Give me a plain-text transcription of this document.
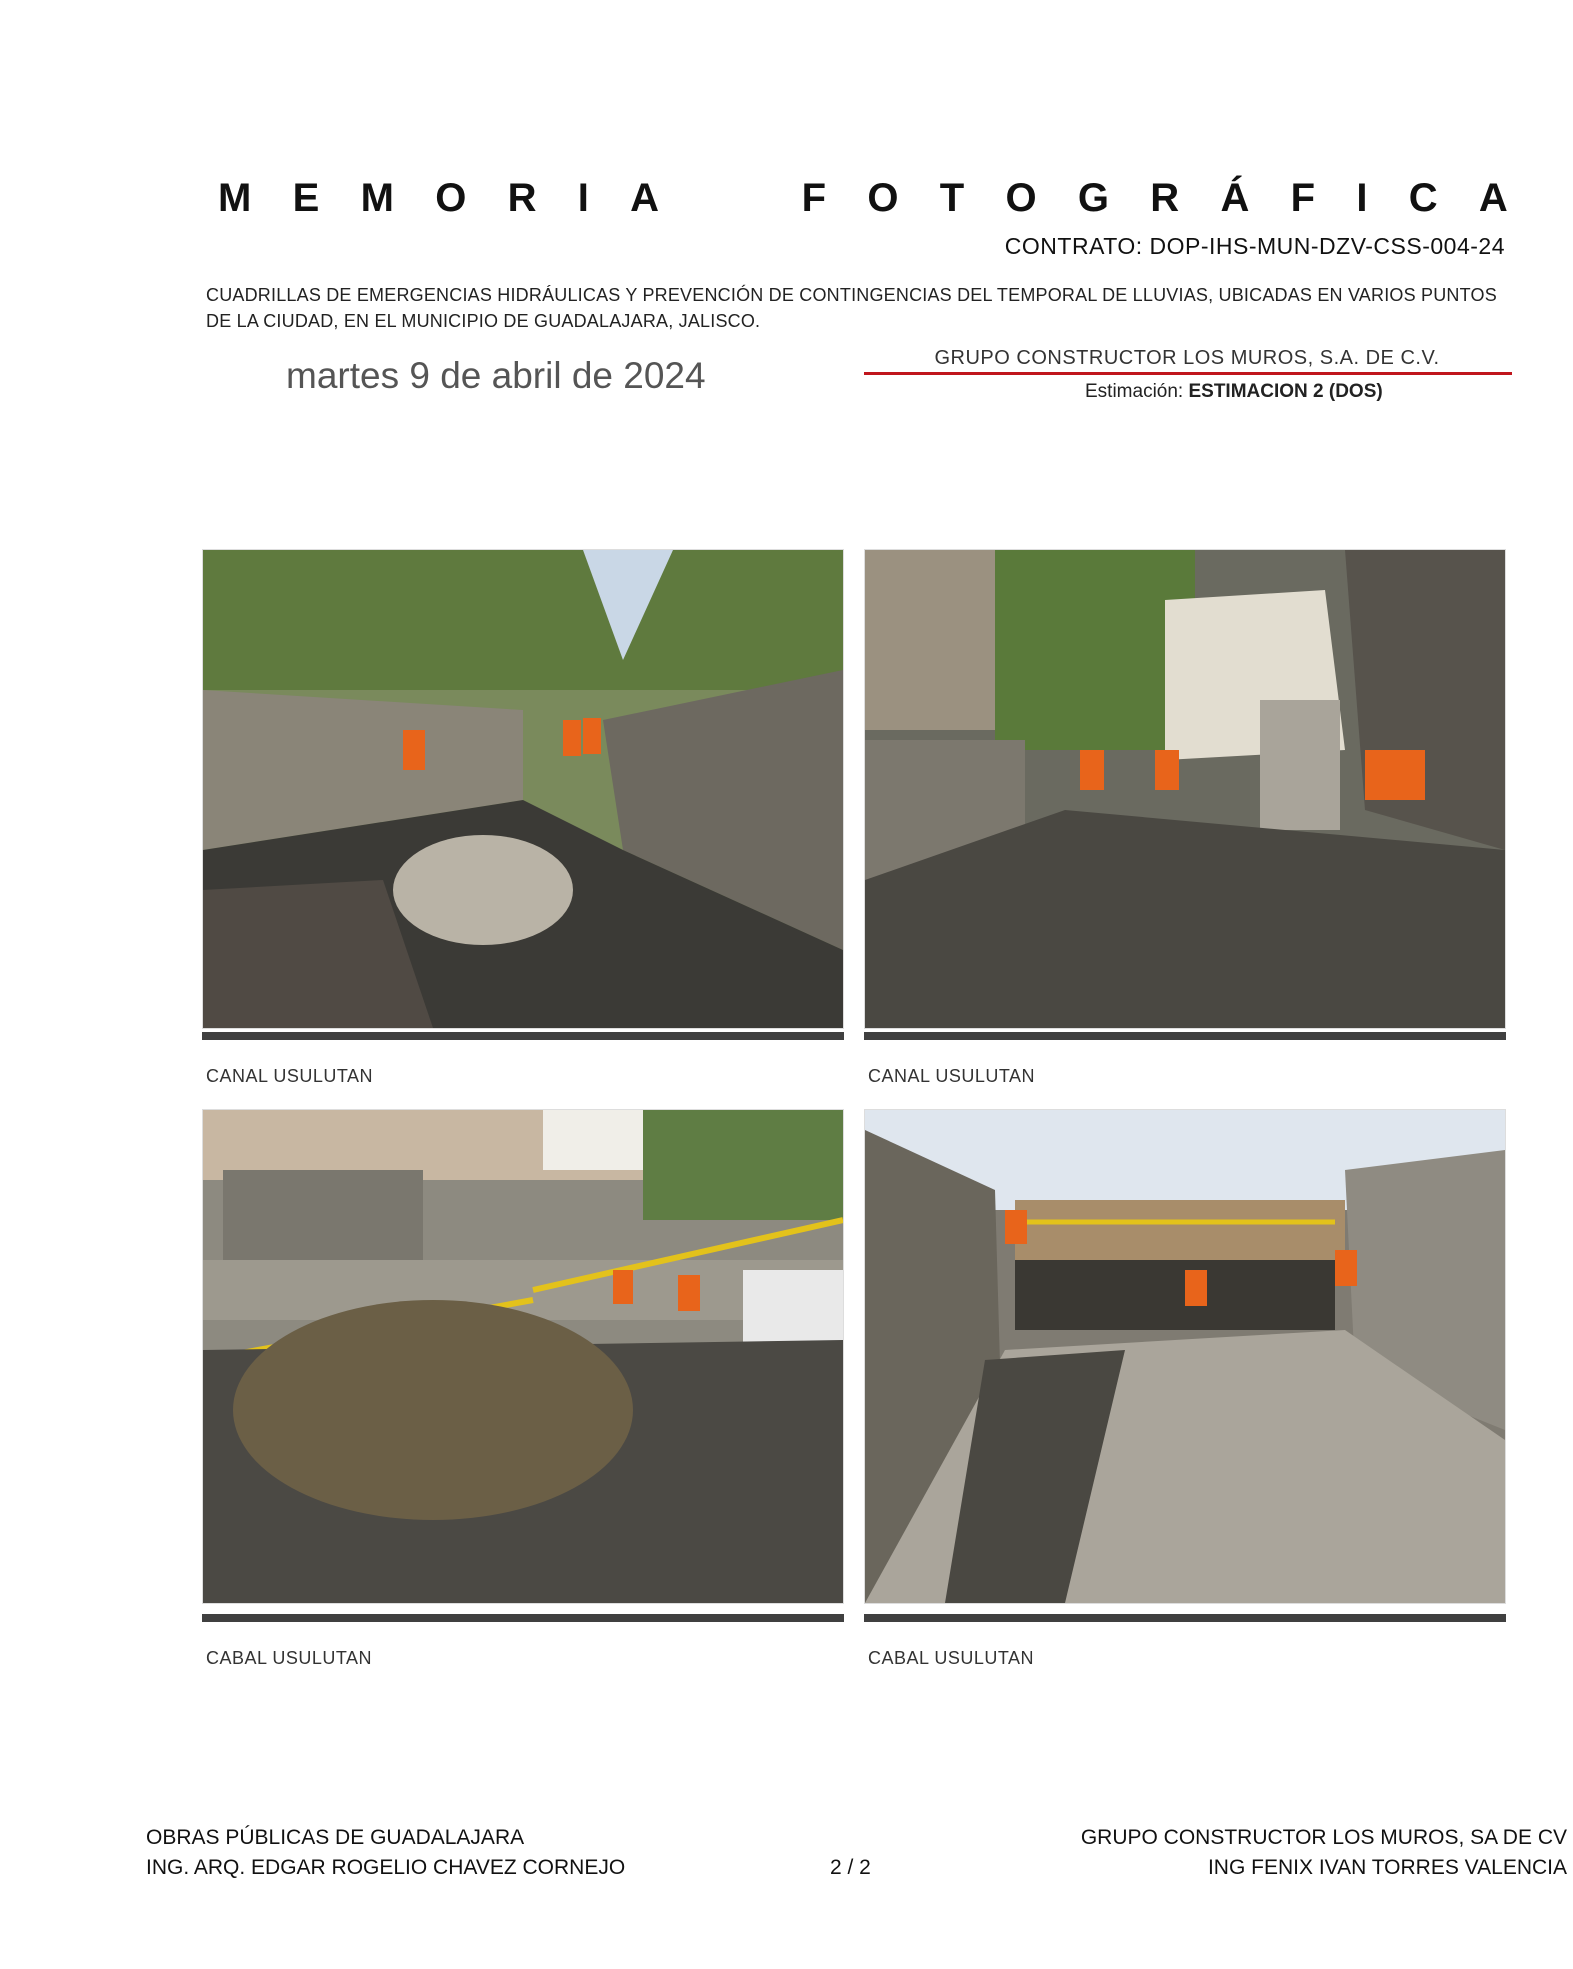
M E M O R I A	F O T O G R Á F I C A
CONTRATO: DOP-IHS-MUN-DZV-CSS-004-24
CUADRILLAS DE EMERGENCIAS HIDRÁULICAS Y PREVENCIÓN DE CONTINGENCIAS DEL TEMPORAL DE LLUVIAS, UBICADAS EN VARIOS PUNTOS DE LA CIUDAD, EN EL MUNICIPIO DE GUADALAJARA, JALISCO.
martes 9 de abril de 2024	GRUPO CONSTRUCTOR LOS MUROS, S.A. DE C.V.
Estimación: ESTIMACION 2 (DOS)
CANAL USULUTAN	CANAL USULUTAN
CABAL USULUTAN	CABAL USULUTAN
OBRAS PÚBLICAS DE GUADALAJARA
ING. ARQ. EDGAR ROGELIO CHAVEZ CORNEJO	2 / 2
GRUPO CONSTRUCTOR LOS MUROS, SA DE CV
ING FENIX IVAN TORRES VALENCIA
